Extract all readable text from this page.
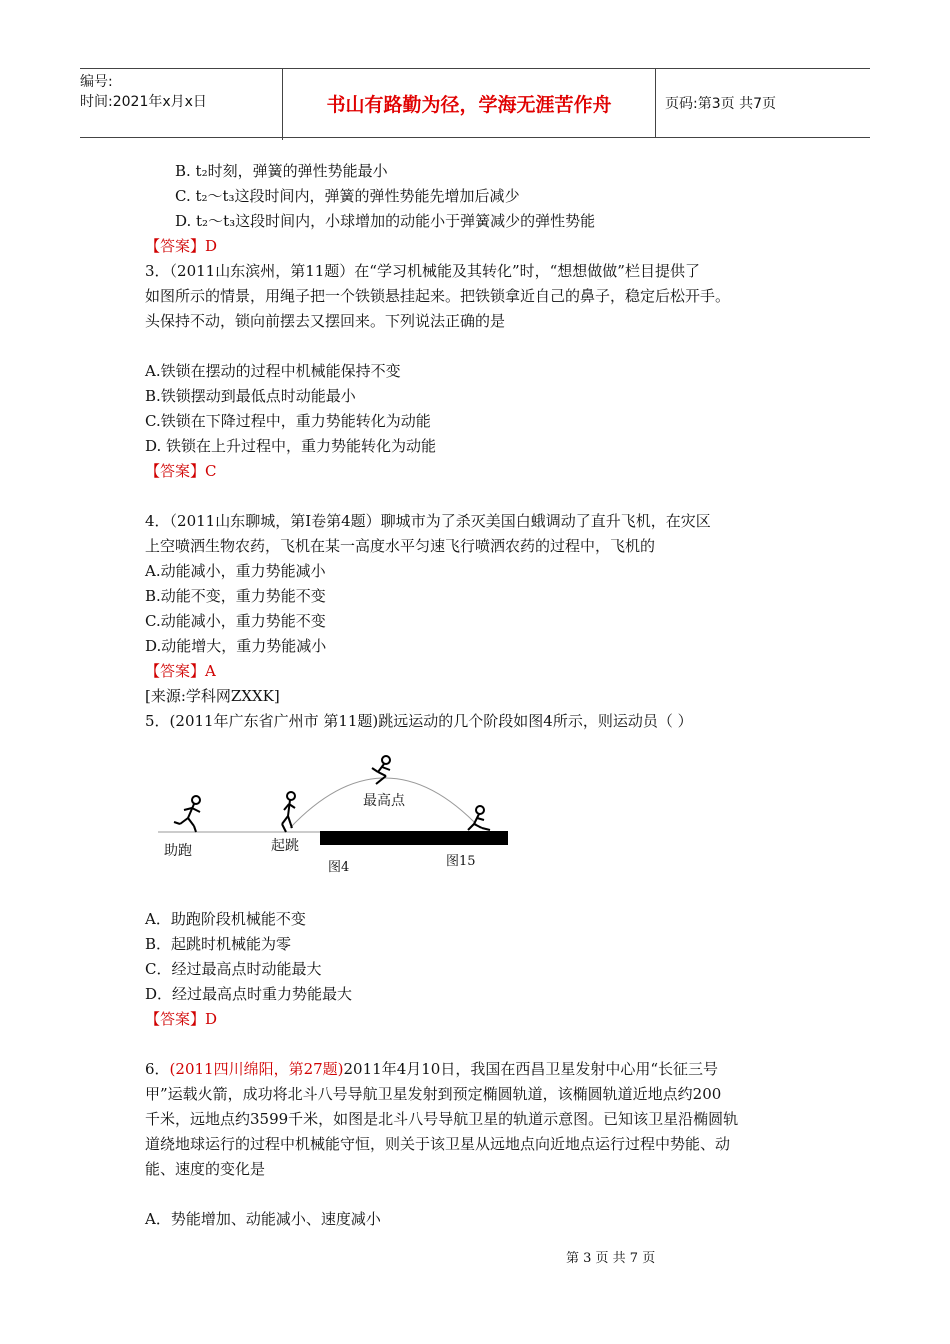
编号:
时间:2021年x月x日	书山有路勤为径，学海无涯苦作舟	页码:第3页 共7页
B. t₂时刻，弹簧的弹性势能最小
C. t₂～t₃这段时间内，弹簧的弹性势能先增加后减少
D. t₂～t₃这段时间内，小球增加的动能小于弹簧减少的弹性势能
【答案】D
3．（2011山东滨州，第11题）在“学习机械能及其转化”时，“想想做做”栏目提供了
如图所示的情景，用绳子把一个铁锁悬挂起来。把铁锁拿近自己的鼻子，稳定后松开手。
头保持不动，锁向前摆去又摆回来。下列说法正确的是
A.铁锁在摆动的过程中机械能保持不变
B.铁锁摆动到最低点时动能最小
C.铁锁在下降过程中，重力势能转化为动能
D. 铁锁在上升过程中，重力势能转化为动能
【答案】C
4．（2011山东聊城，第Ⅰ卷第4题）聊城市为了杀灭美国白蛾调动了直升飞机，在灾区
上空喷洒生物农药，飞机在某一高度水平匀速飞行喷洒农药的过程中，飞机的
A.动能减小，重力势能减小
B.动能不变，重力势能不变
C.动能减小，重力势能不变
D.动能增大，重力势能减小
【答案】A
[来源:学科网ZXXK]
5．(2011年广东省广州市 第11题)跳远运动的几个阶段如图4所示，则运动员（ ）
助跑	起跳
最高点
图4	图15
A．助跑阶段机械能不变
B．起跳时机械能为零
C．经过最高点时动能最大
D．经过最高点时重力势能最大
【答案】D
6．(2011四川绵阳，第27题)2011年4月10日，我国在西昌卫星发射中心用“长征三号
甲”运载火箭，成功将北斗八号导航卫星发射到预定椭圆轨道，该椭圆轨道近地点约200
千米，远地点约3599千米，如图是北斗八号导航卫星的轨道示意图。已知该卫星沿椭圆轨
道绕地球运行的过程中机械能守恒，则关于该卫星从远地点向近地点运行过程中势能、动
能、速度的变化是
A．势能增加、动能减小、速度减小
第 3 页 共 7 页
